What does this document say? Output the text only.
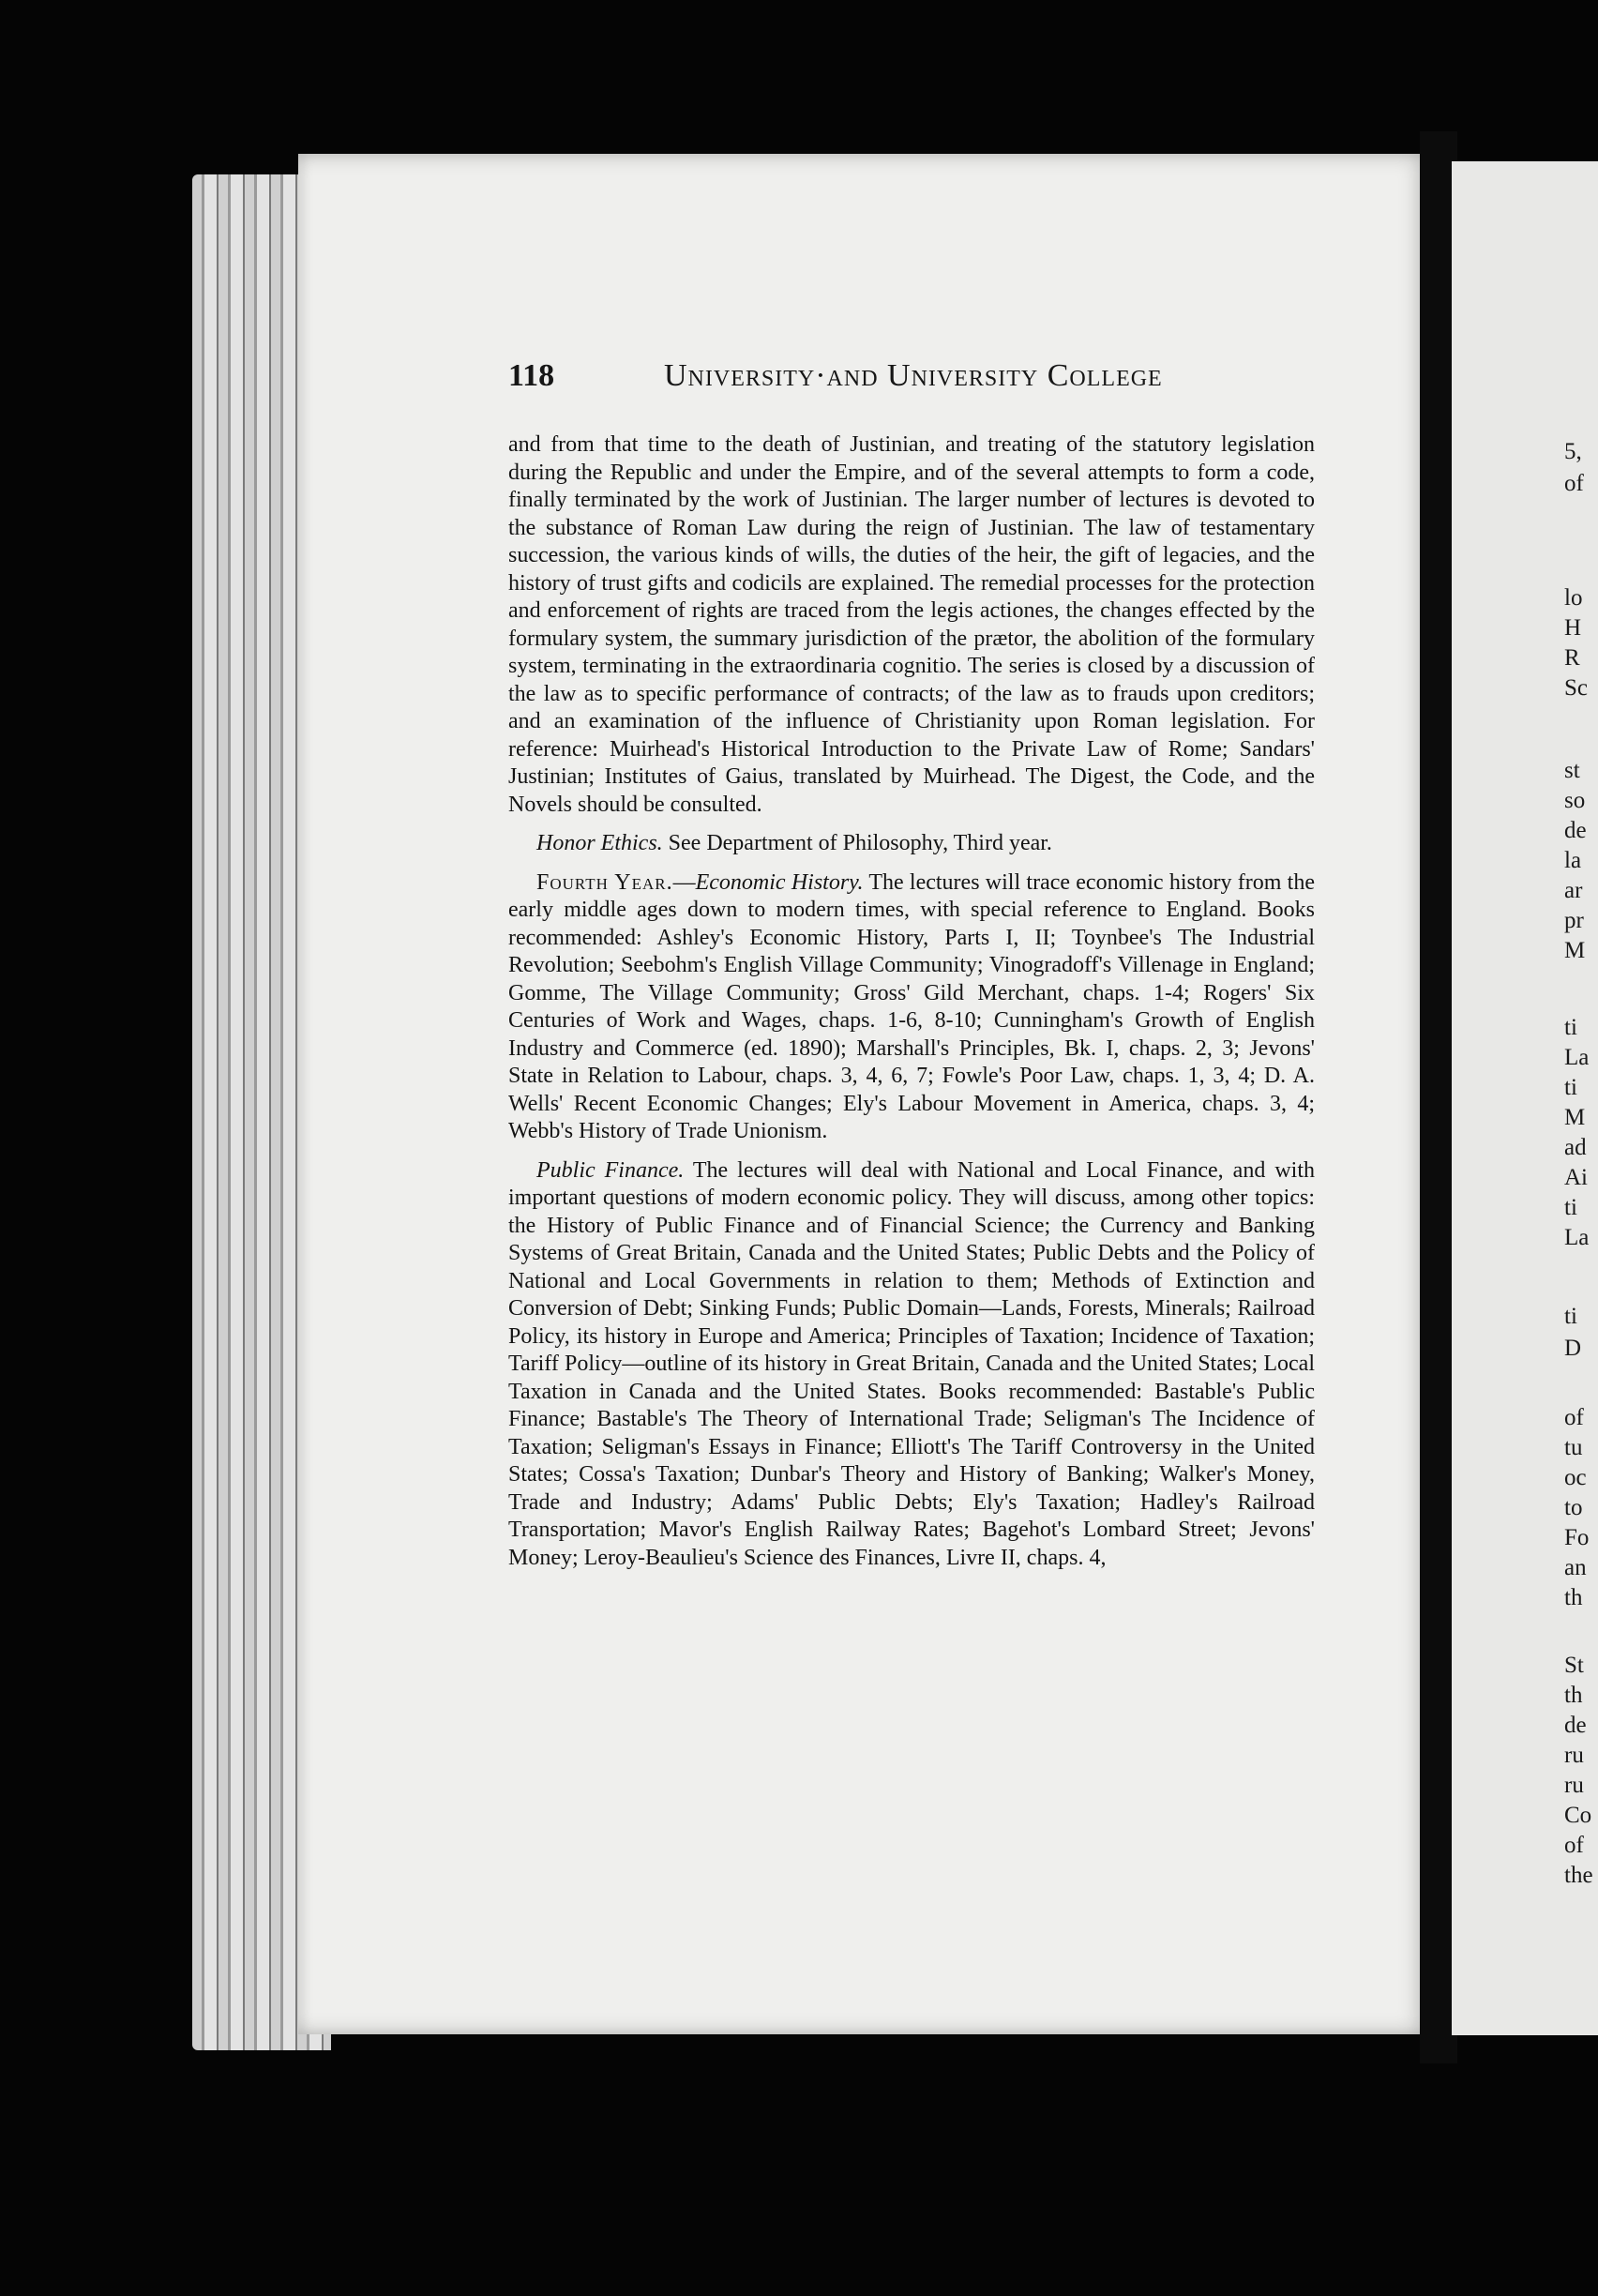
5,
of
lo
H
R
Sc
st
so
de
la
ar
pr
M
ti
La
ti
M
ad
Ai
ti
La
ti
D
of
tu
oc
to
Fo
an
th
St
th
de
ru
ru
Co
of
the
118	University·and University College

and from that time to the death of Justinian, and treating of the statutory legislation during the Republic and under the Empire, and of the several attempts to form a code, finally terminated by the work of Justinian. The larger number of lectures is devoted to the substance of Roman Law during the reign of Justinian. The law of testamentary succession, the various kinds of wills, the duties of the heir, the gift of legacies, and the history of trust gifts and codicils are explained. The remedial processes for the protection and enforcement of rights are traced from the legis actiones, the changes effected by the formulary system, the summary jurisdiction of the prætor, the abolition of the formulary system, terminating in the extraordinaria cognitio. The series is closed by a discussion of the law as to specific performance of contracts; of the law as to frauds upon creditors; and an examination of the influence of Christianity upon Roman legislation. For reference: Muirhead's Historical Introduction to the Private Law of Rome; Sandars' Justinian; Institutes of Gaius, translated by Muirhead. The Digest, the Code, and the Novels should be consulted.

Honor Ethics. See Department of Philosophy, Third year.

Fourth Year.—Economic History. The lectures will trace economic history from the early middle ages down to modern times, with special reference to England. Books recommended: Ashley's Economic History, Parts I, II; Toynbee's The Industrial Revolution; Seebohm's English Village Community; Vinogradoff's Villenage in England; Gomme, The Village Community; Gross' Gild Merchant, chaps. 1-4; Rogers' Six Centuries of Work and Wages, chaps. 1-6, 8-10; Cunningham's Growth of English Industry and Commerce (ed. 1890); Marshall's Principles, Bk. I, chaps. 2, 3; Jevons' State in Relation to Labour, chaps. 3, 4, 6, 7; Fowle's Poor Law, chaps. 1, 3, 4; D. A. Wells' Recent Economic Changes; Ely's Labour Movement in America, chaps. 3, 4; Webb's History of Trade Unionism.

Public Finance. The lectures will deal with National and Local Finance, and with important questions of modern economic policy. They will discuss, among other topics: the History of Public Finance and of Financial Science; the Currency and Banking Systems of Great Britain, Canada and the United States; Public Debts and the Policy of National and Local Governments in relation to them; Methods of Extinction and Conversion of Debt; Sinking Funds; Public Domain—Lands, Forests, Minerals; Railroad Policy, its history in Europe and America; Principles of Taxation; Incidence of Taxation; Tariff Policy—outline of its history in Great Britain, Canada and the United States; Local Taxation in Canada and the United States. Books recommended: Bastable's Public Finance; Bastable's The Theory of International Trade; Seligman's The Incidence of Taxation; Seligman's Essays in Finance; Elliott's The Tariff Controversy in the United States; Cossa's Taxation; Dunbar's Theory and History of Banking; Walker's Money, Trade and Industry; Adams' Public Debts; Ely's Taxation; Hadley's Railroad Transportation; Mavor's English Railway Rates; Bagehot's Lombard Street; Jevons' Money; Leroy-Beaulieu's Science des Finances, Livre II, chaps. 4,
